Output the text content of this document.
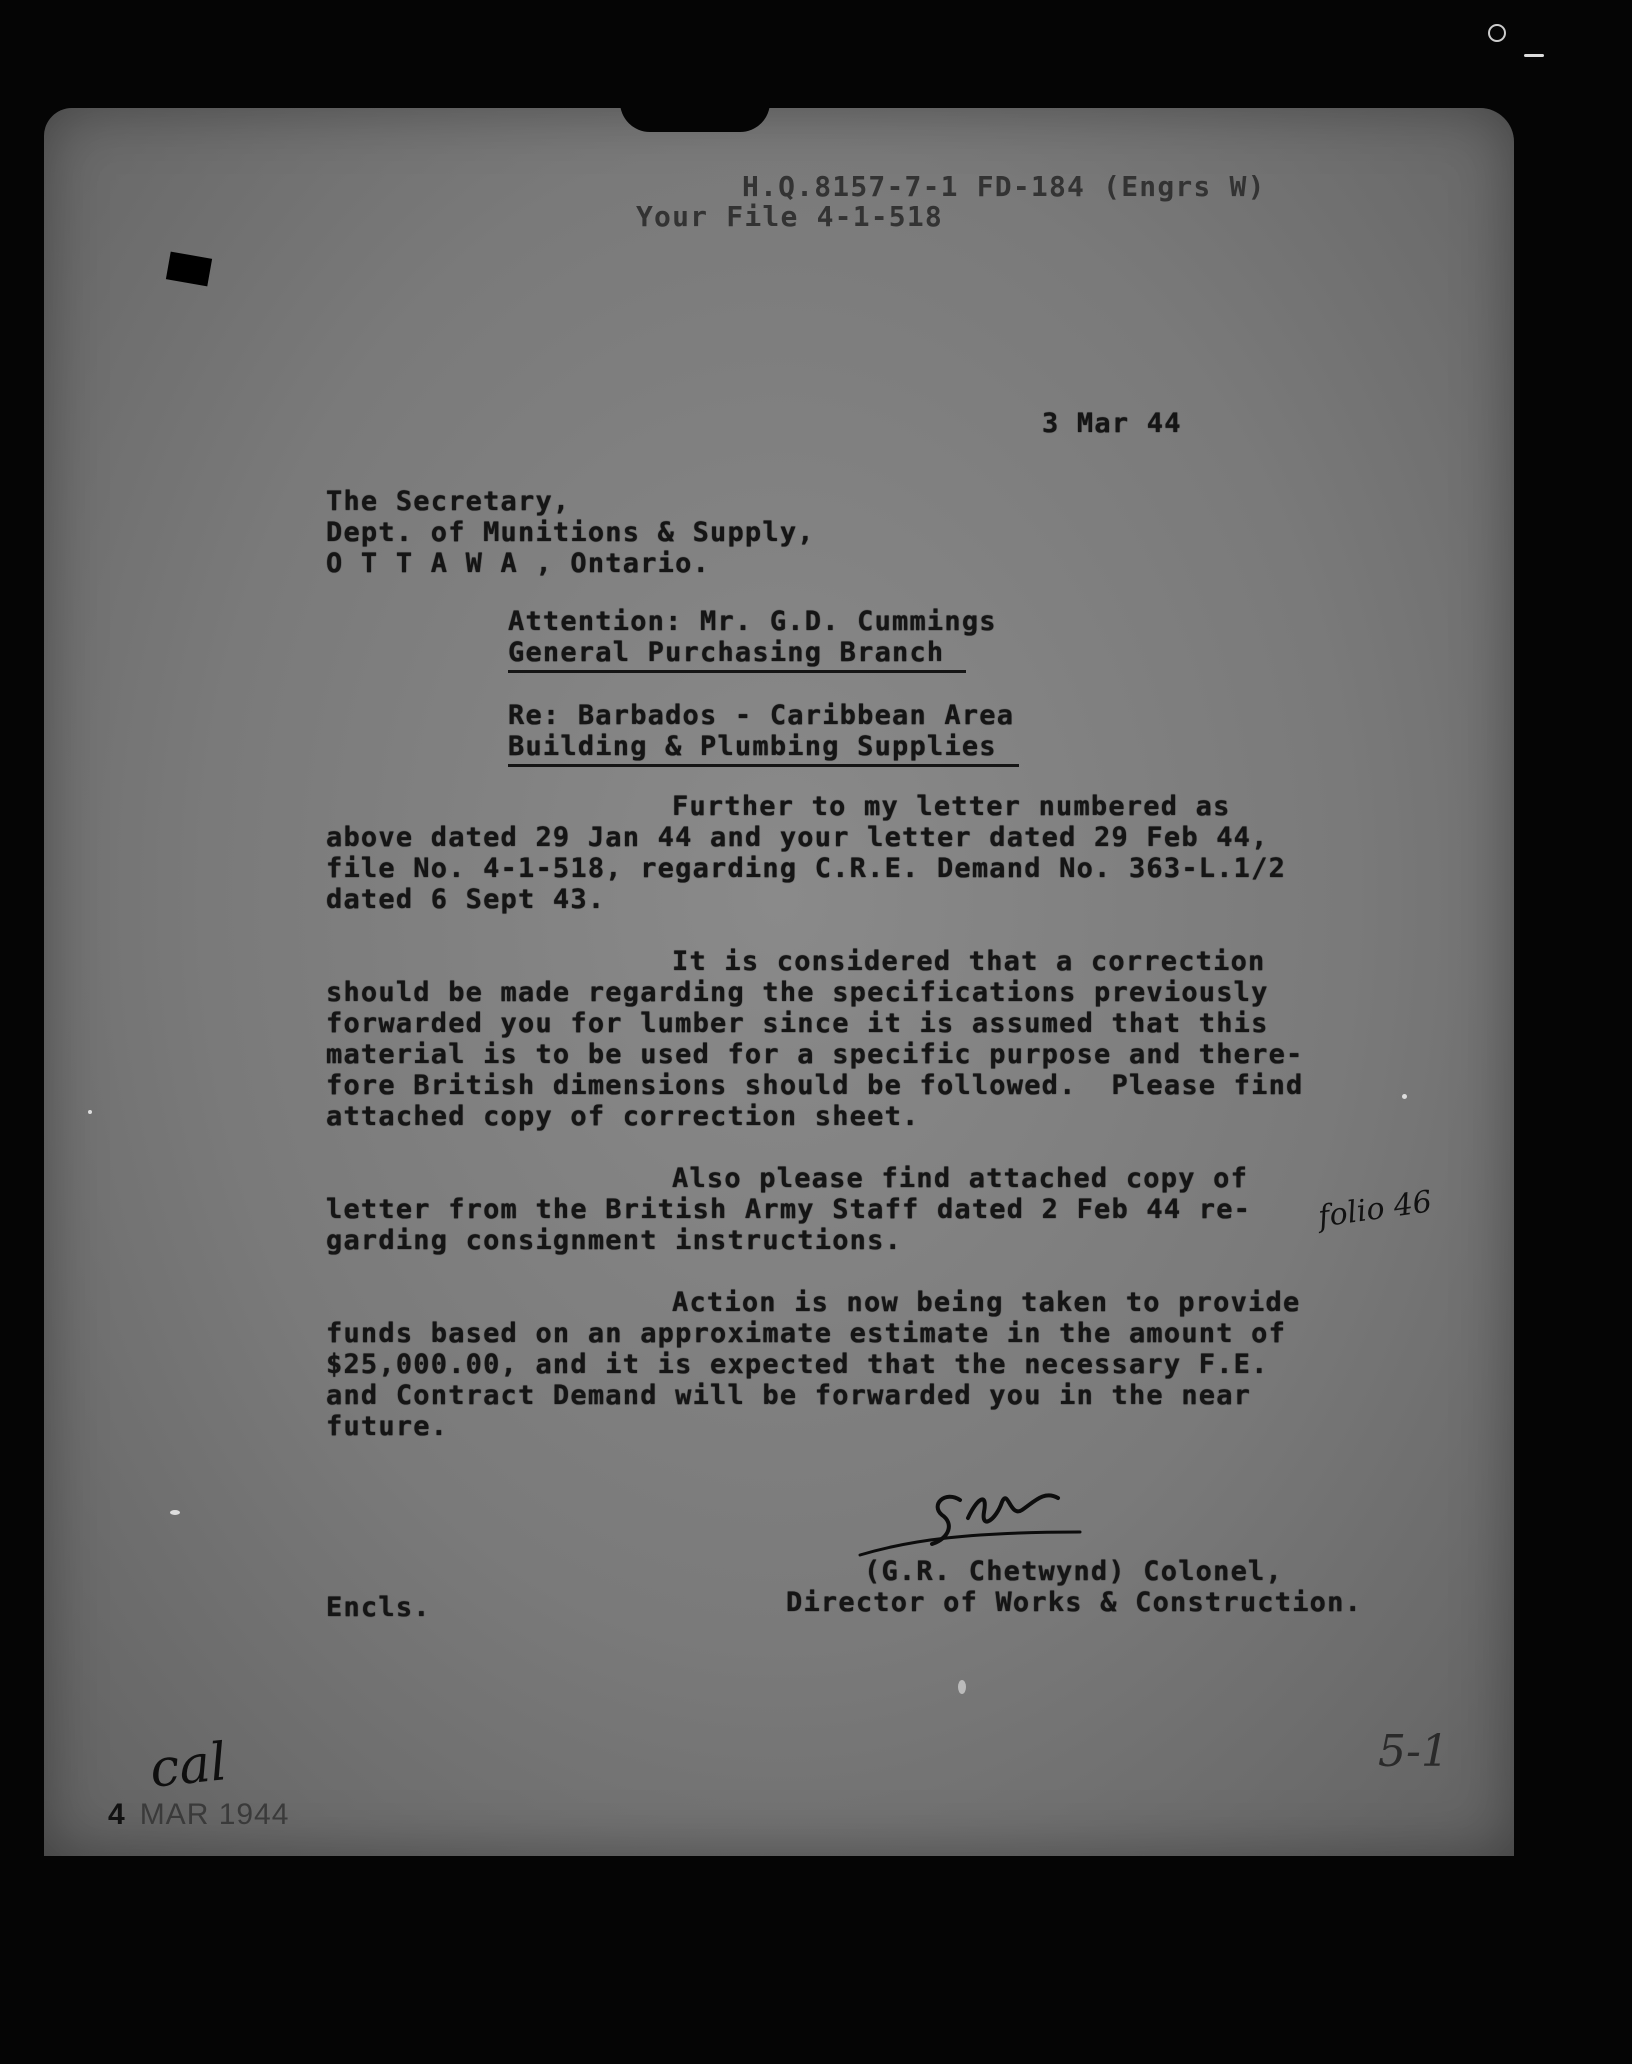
H.Q.8157-7-1 FD-184 (Engrs W)
Your File 4-1-518
3 Mar 44
The Secretary,
Dept. of Munitions & Supply,
O T T A W A , Ontario.
Attention: Mr. G.D. Cummings
General Purchasing Branch
Re: Barbados - Caribbean Area
Building & Plumbing Supplies
Further to my letter numbered as
above dated 29 Jan 44 and your letter dated 29 Feb 44,
file No. 4-1-518, regarding C.R.E. Demand No. 363-L.1/2
dated 6 Sept 43.
It is considered that a correction
should be made regarding the specifications previously
forwarded you for lumber since it is assumed that this
material is to be used for a specific purpose and there-
fore British dimensions should be followed.  Please find
attached copy of correction sheet.
Also please find attached copy of
letter from the British Army Staff dated 2 Feb 44 re-
garding consignment instructions.
folio 46
Action is now being taken to provide
funds based on an approximate estimate in the amount of
$25,000.00, and it is expected that the necessary F.E.
and Contract Demand will be forwarded you in the near
future.
(G.R. Chetwynd) Colonel,
Director of Works & Construction.
Encls.
cal
4 MAR 1944
5-1
